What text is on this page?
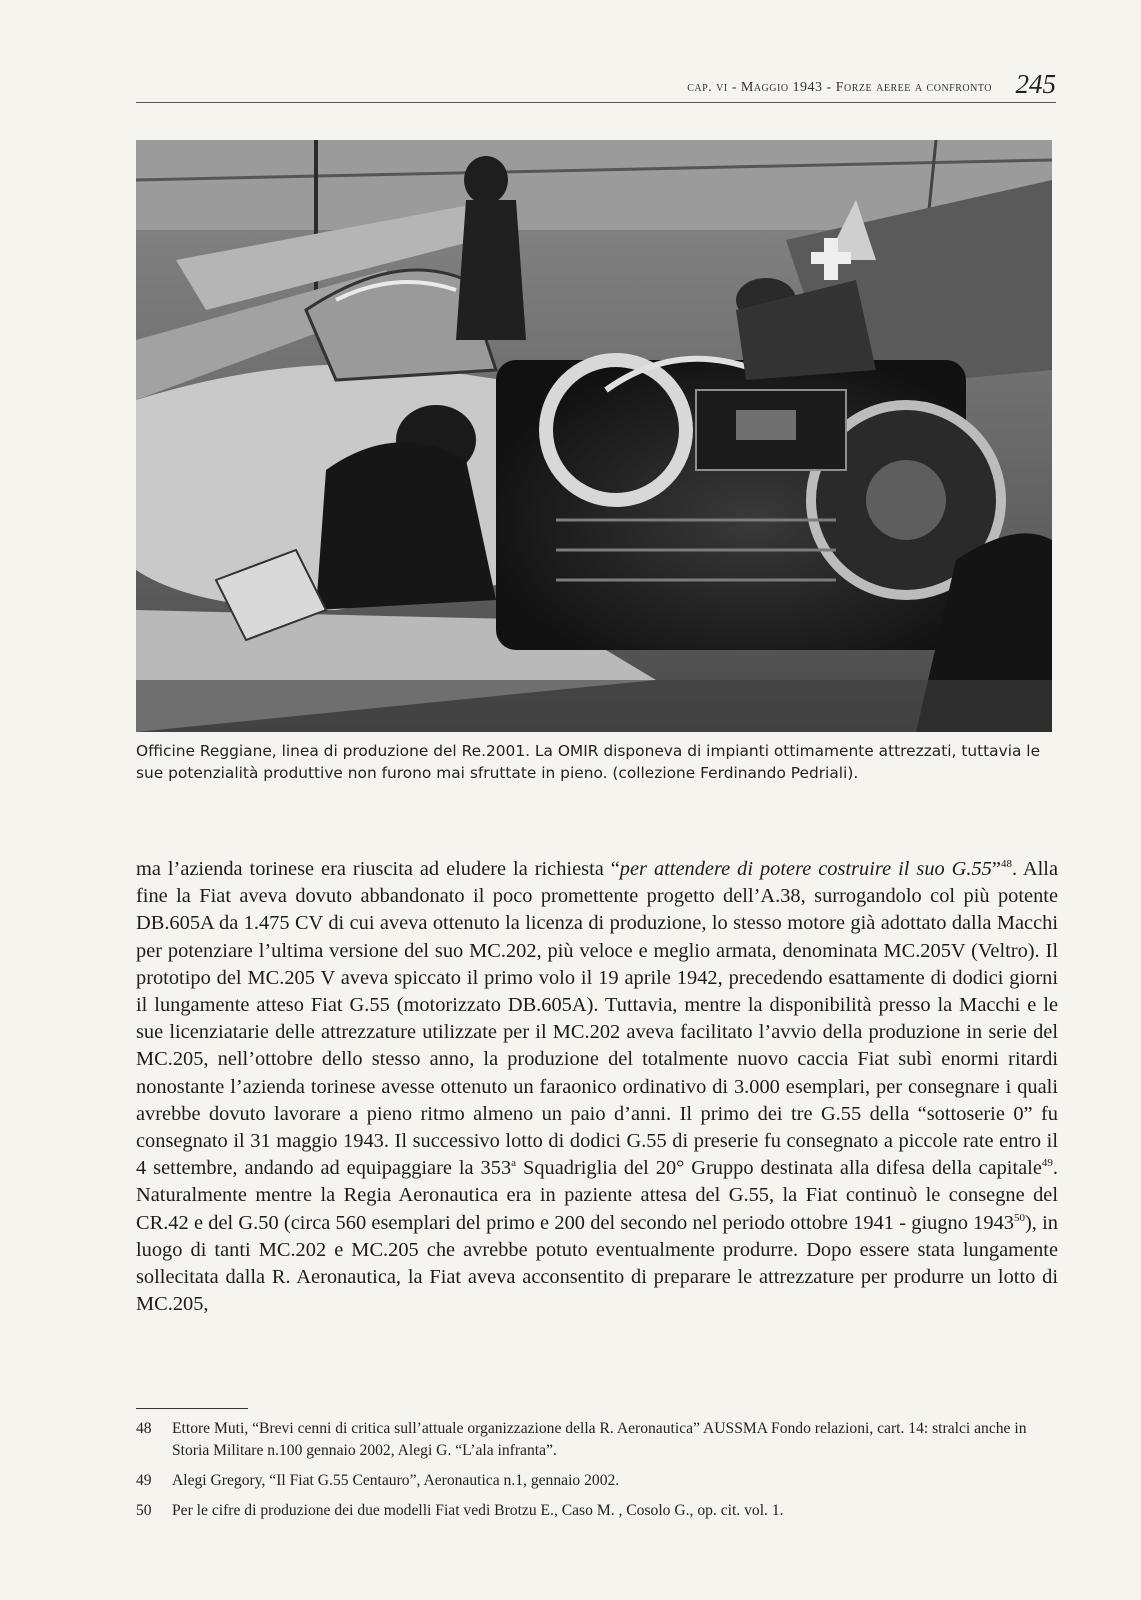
cap. vi - Maggio 1943 - Forze aeree a confronto 245
Officine Reggiane, linea di produzione del Re.2001. La OMIR disponeva di impianti ottimamente attrezzati, tuttavia le sue potenzialità produttive non furono mai sfruttate in pieno. (collezione Ferdinando Pedriali).

ma l’azienda torinese era riuscita ad eludere la richiesta “per attendere di potere costruire il suo G.55”$^{48}$. Alla fine la Fiat aveva dovuto abbandonato il poco promettente progetto dell’A.38, surrogandolo col più potente DB.605A da 1.475 CV di cui aveva ottenuto la licenza di produzione, lo stesso motore già adottato dalla Macchi per potenziare l’ultima versione del suo MC.202, più veloce e meglio armata, denominata MC.205V (Veltro). Il prototipo del MC.205 V aveva spiccato il primo volo il 19 aprile 1942, precedendo esattamente di dodici giorni il lungamente atteso Fiat G.55 (motorizzato DB.605A). Tuttavia, mentre la disponibilità presso la Macchi e le sue licenziatarie delle attrezzature utilizzate per il MC.202 aveva facilitato l’avvio della produzione in serie del MC.205, nell’ottobre dello stesso anno, la produzione del totalmente nuovo caccia Fiat subì enormi ritardi nonostante l’azienda torinese avesse ottenuto un faraonico ordinativo di 3.000 esemplari, per consegnare i quali avrebbe dovuto lavorare a pieno ritmo almeno un paio d’anni. Il primo dei tre G.55 della “sottoserie 0” fu consegnato il 31 maggio 1943. Il successivo lotto di dodici G.55 di preserie fu consegnato a piccole rate entro il 4 settembre, andando ad equipaggiare la 353$^a$ Squadriglia del 20° Gruppo destinata alla difesa della capitale$^{49}$. Naturalmente mentre la Regia Aeronautica era in paziente attesa del G.55, la Fiat continuò le consegne del CR.42 e del G.50 (circa 560 esemplari del primo e 200 del secondo nel periodo ottobre 1941 - giugno 1943$^{50}$), in luogo di tanti MC.202 e MC.205 che avrebbe potuto eventualmente produrre. Dopo essere stata lungamente sollecitata dalla R. Aeronautica, la Fiat aveva acconsentito di preparare le attrezzature per produrre un lotto di MC.205,

48	Ettore Muti, “Brevi cenni di critica sull’attuale organizzazione della R. Aeronautica” AUSSMA Fondo relazioni, cart. 14: stralci anche in Storia Militare n.100 gennaio 2002, Alegi G. “L’ala infranta”.
49	Alegi Gregory, “Il Fiat G.55 Centauro”, Aeronautica n.1, gennaio 2002.
50	Per le cifre di produzione dei due modelli Fiat vedi Brotzu E., Caso M. , Cosolo G., op. cit. vol. 1.
